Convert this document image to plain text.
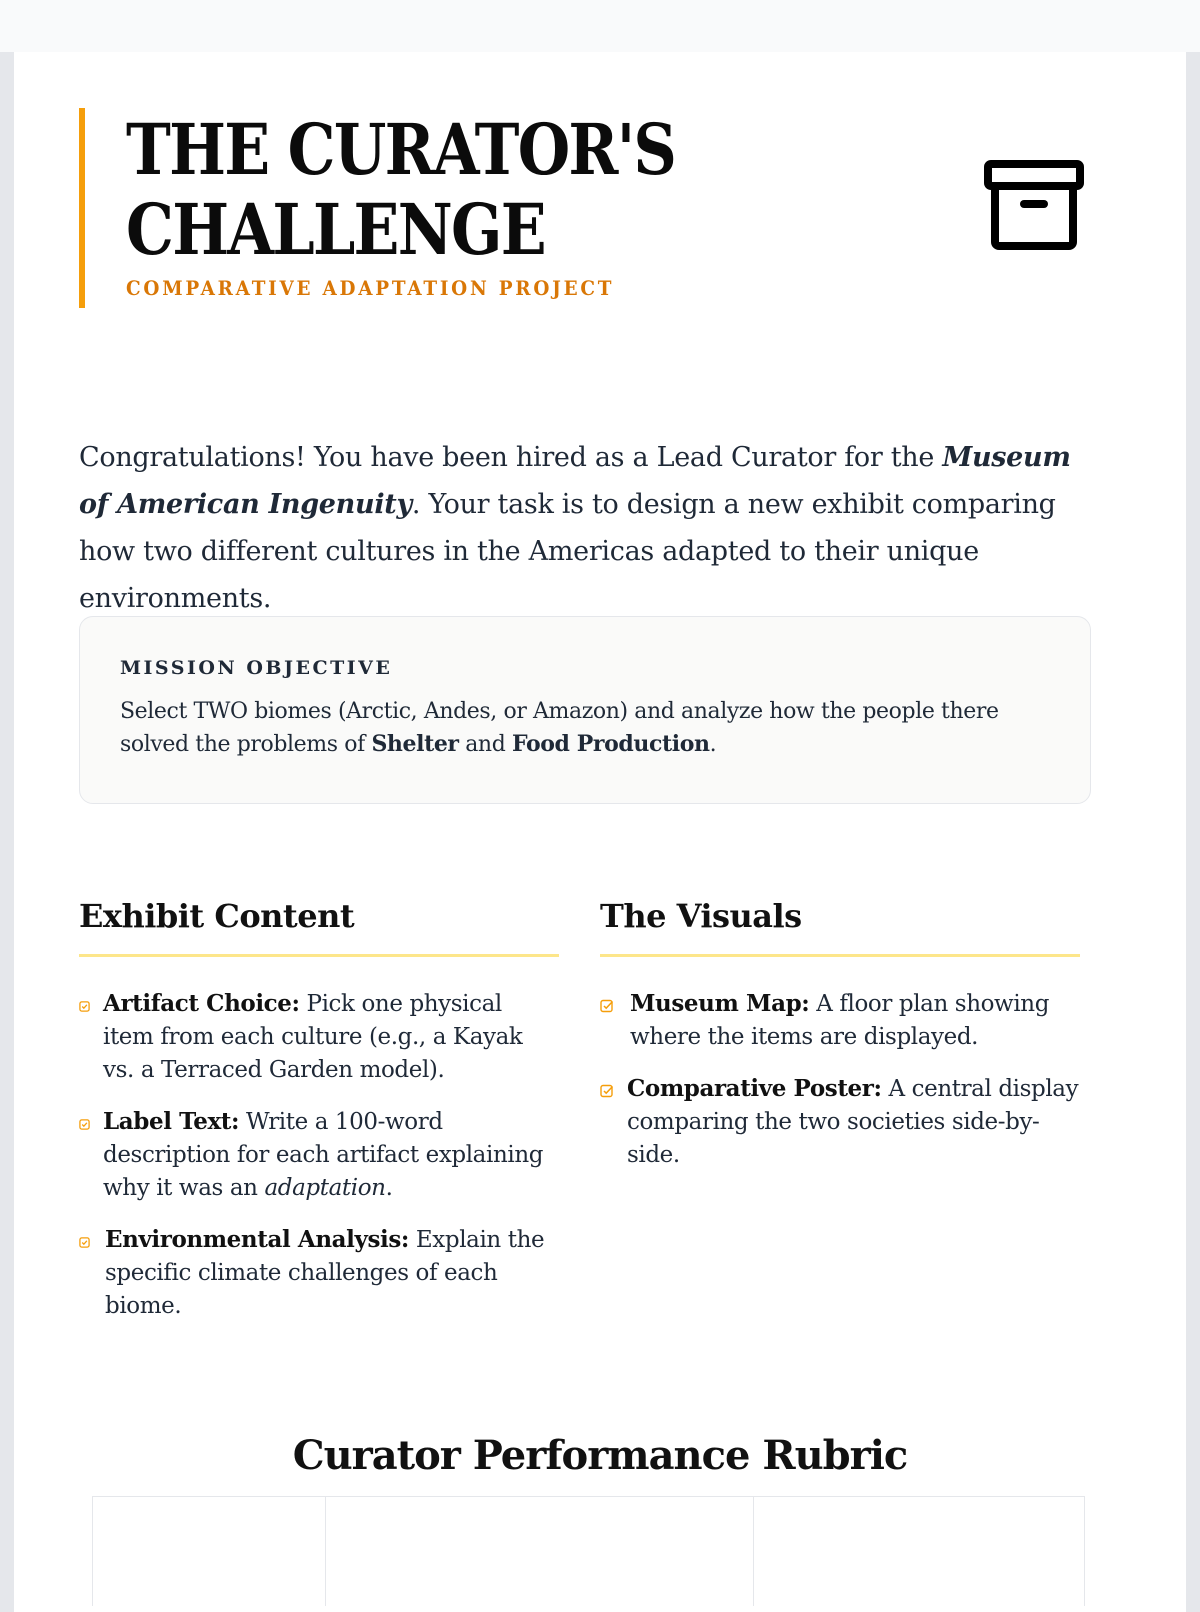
THE CURATOR'S
CHALLENGE
COMPARATIVE ADAPTATION PROJECT

Congratulations! You have been hired as a Lead Curator for the Museum of American Ingenuity. Your task is to design a new exhibit comparing how two different cultures in the Americas adapted to their unique environments.

MISSION OBJECTIVE

Select TWO biomes (Arctic, Andes, or Amazon) and analyze how the people there solved the problems of Shelter and Food Production.

Exhibit Content
Artifact Choice: Pick one physical item from each culture (e.g., a Kayak vs. a Terraced Garden model).
Label Text: Write a 100-word description for each artifact explaining why it was an adaptation.
Environmental Analysis: Explain the specific climate challenges of each biome.
The Visuals
Museum Map: A floor plan showing where the items are displayed.
Comparative Poster: A central display comparing the two societies side-by-side.
Curator Performance Rubric
